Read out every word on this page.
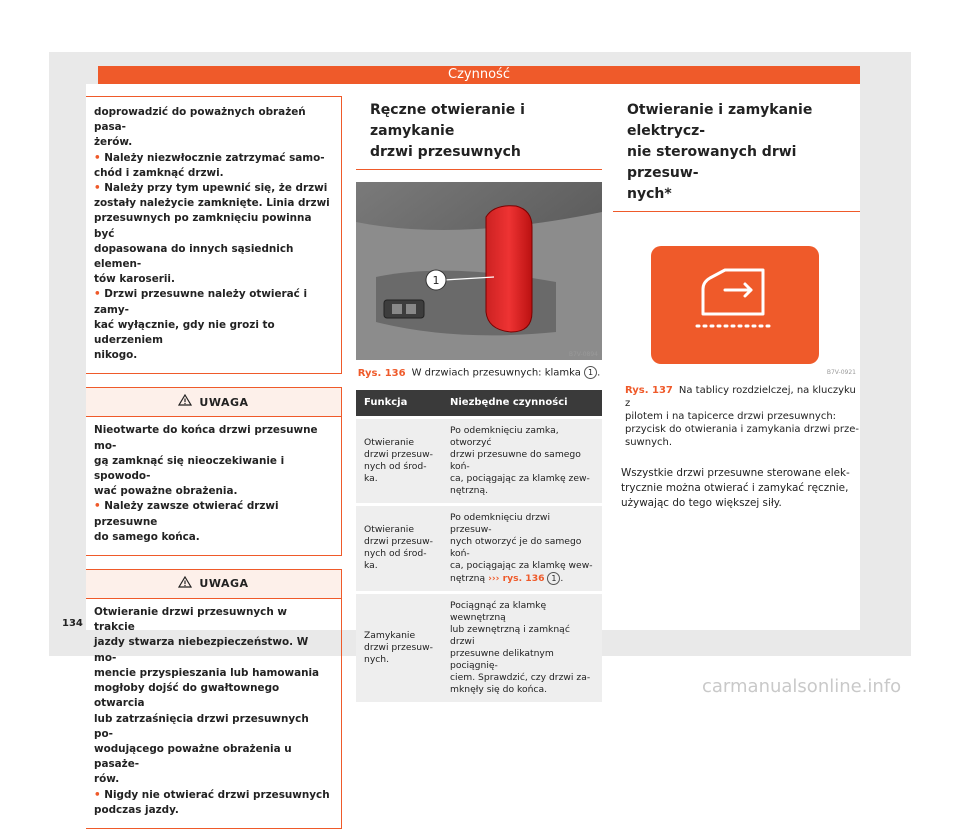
Czynność

doprowadzić do poważnych obrażeń pasa-
żerów.

• Należy niezwłocznie zatrzymać samo-
chód i zamknąć drzwi.

• Należy przy tym upewnić się, że drzwi
zostały należycie zamknięte. Linia drzwi
przesuwnych po zamknięciu powinna być
dopasowana do innych sąsiednich elemen-
tów karoserii.

• Drzwi przesuwne należy otwierać i zamy-
kać wyłącznie, gdy nie grozi to uderzeniem
nikogo.

UWAGA

Nieotwarte do końca drzwi przesuwne mo-
gą zamknąć się nieoczekiwanie i spowodo-
wać poważne obrażenia.

• Należy zawsze otwierać drzwi przesuwne
do samego końca.

UWAGA

Otwieranie drzwi przesuwnych w trakcie
jazdy stwarza niebezpieczeństwo. W mo-
mencie przyspieszania lub hamowania
mogłoby dojść do gwałtownego otwarcia
lub zatrzaśnięcia drzwi przesuwnych po-
wodującego poważne obrażenia u pasaże-
rów.

• Nigdy nie otwierać drzwi przesuwnych
podczas jazdy.

Ręczne otwieranie i zamykanie
drzwi przesuwnych
1
B7V-0894
Rys. 136 W drzwiach przesuwnych: klamka 1 .
Funkcja	Niezbędne czynności
Otwieranie
drzwi przesuw-
nych od środ-
ka.	Po odemknięciu zamka, otworzyć
drzwi przesuwne do samego koń-
ca, pociągając za klamkę zew-
nętrzną.
Otwieranie
drzwi przesuw-
nych od środ-
ka.	Po odemknięciu drzwi przesuw-
nych otworzyć je do samego koń-
ca, pociągając za klamkę wew-
nętrzną ››› rys. 136 1 .
Zamykanie
drzwi przesuw-
nych.	Pociągnąć za klamkę wewnętrzną
lub zewnętrzną i zamknąć drzwi
przesuwne delikatnym pociągnię-
ciem. Sprawdzić, czy drzwi za-
mknęły się do końca.
Otwieranie i zamykanie elektrycz-
nie sterowanych drwi przesuw-
nych*
B7V-0921
Rys. 137 Na tablicy rozdzielczej, na kluczyku z
pilotem i na tapicerce drzwi przesuwnych:
przycisk do otwierania i zamykania drzwi prze-
suwnych.
Wszystkie drzwi przesuwne sterowane elek-
trycznie można otwierać i zamykać ręcznie,
używając do tego większej siły.
134
carmanualsonline.info
